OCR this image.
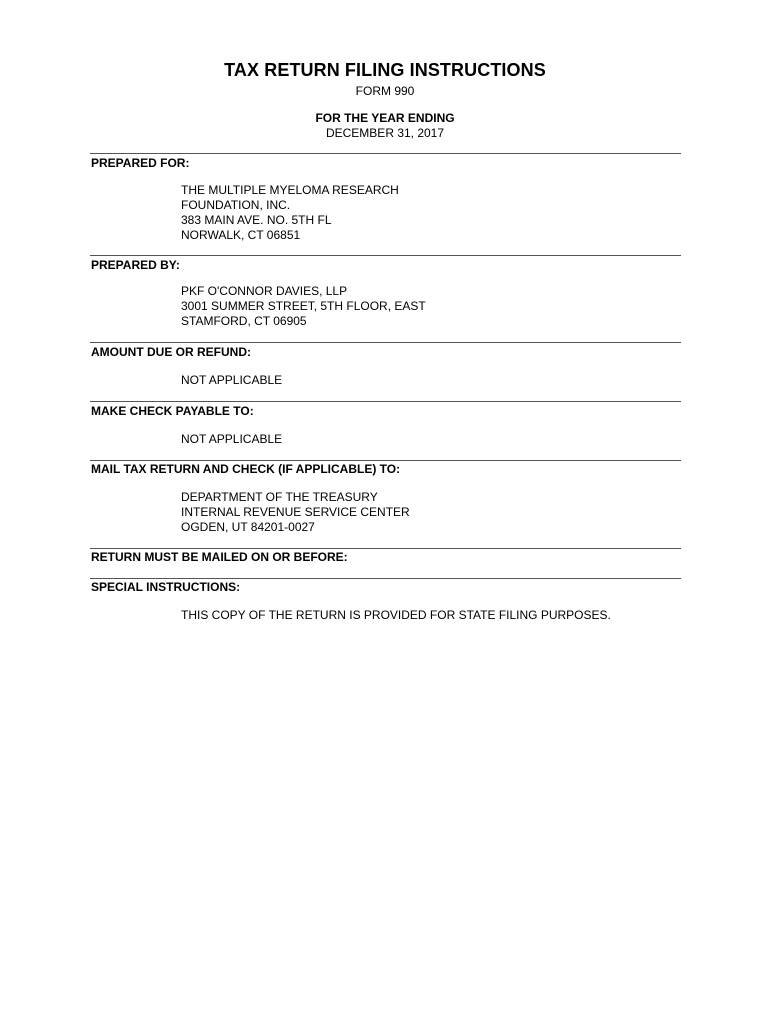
TAX RETURN FILING INSTRUCTIONS
FORM 990
FOR THE YEAR ENDING
DECEMBER 31, 2017
PREPARED FOR:
THE MULTIPLE MYELOMA RESEARCH
FOUNDATION, INC.
383 MAIN AVE. NO. 5TH FL
NORWALK, CT 06851
PREPARED BY:
PKF O'CONNOR DAVIES, LLP
3001 SUMMER STREET, 5TH FLOOR, EAST
STAMFORD, CT 06905
AMOUNT DUE OR REFUND:
NOT APPLICABLE
MAKE CHECK PAYABLE TO:
NOT APPLICABLE
MAIL TAX RETURN AND CHECK (IF APPLICABLE) TO:
DEPARTMENT OF THE TREASURY
INTERNAL REVENUE SERVICE CENTER
OGDEN, UT 84201-0027
RETURN MUST BE MAILED ON OR BEFORE:
SPECIAL INSTRUCTIONS:
THIS COPY OF THE RETURN IS PROVIDED FOR STATE FILING PURPOSES.
